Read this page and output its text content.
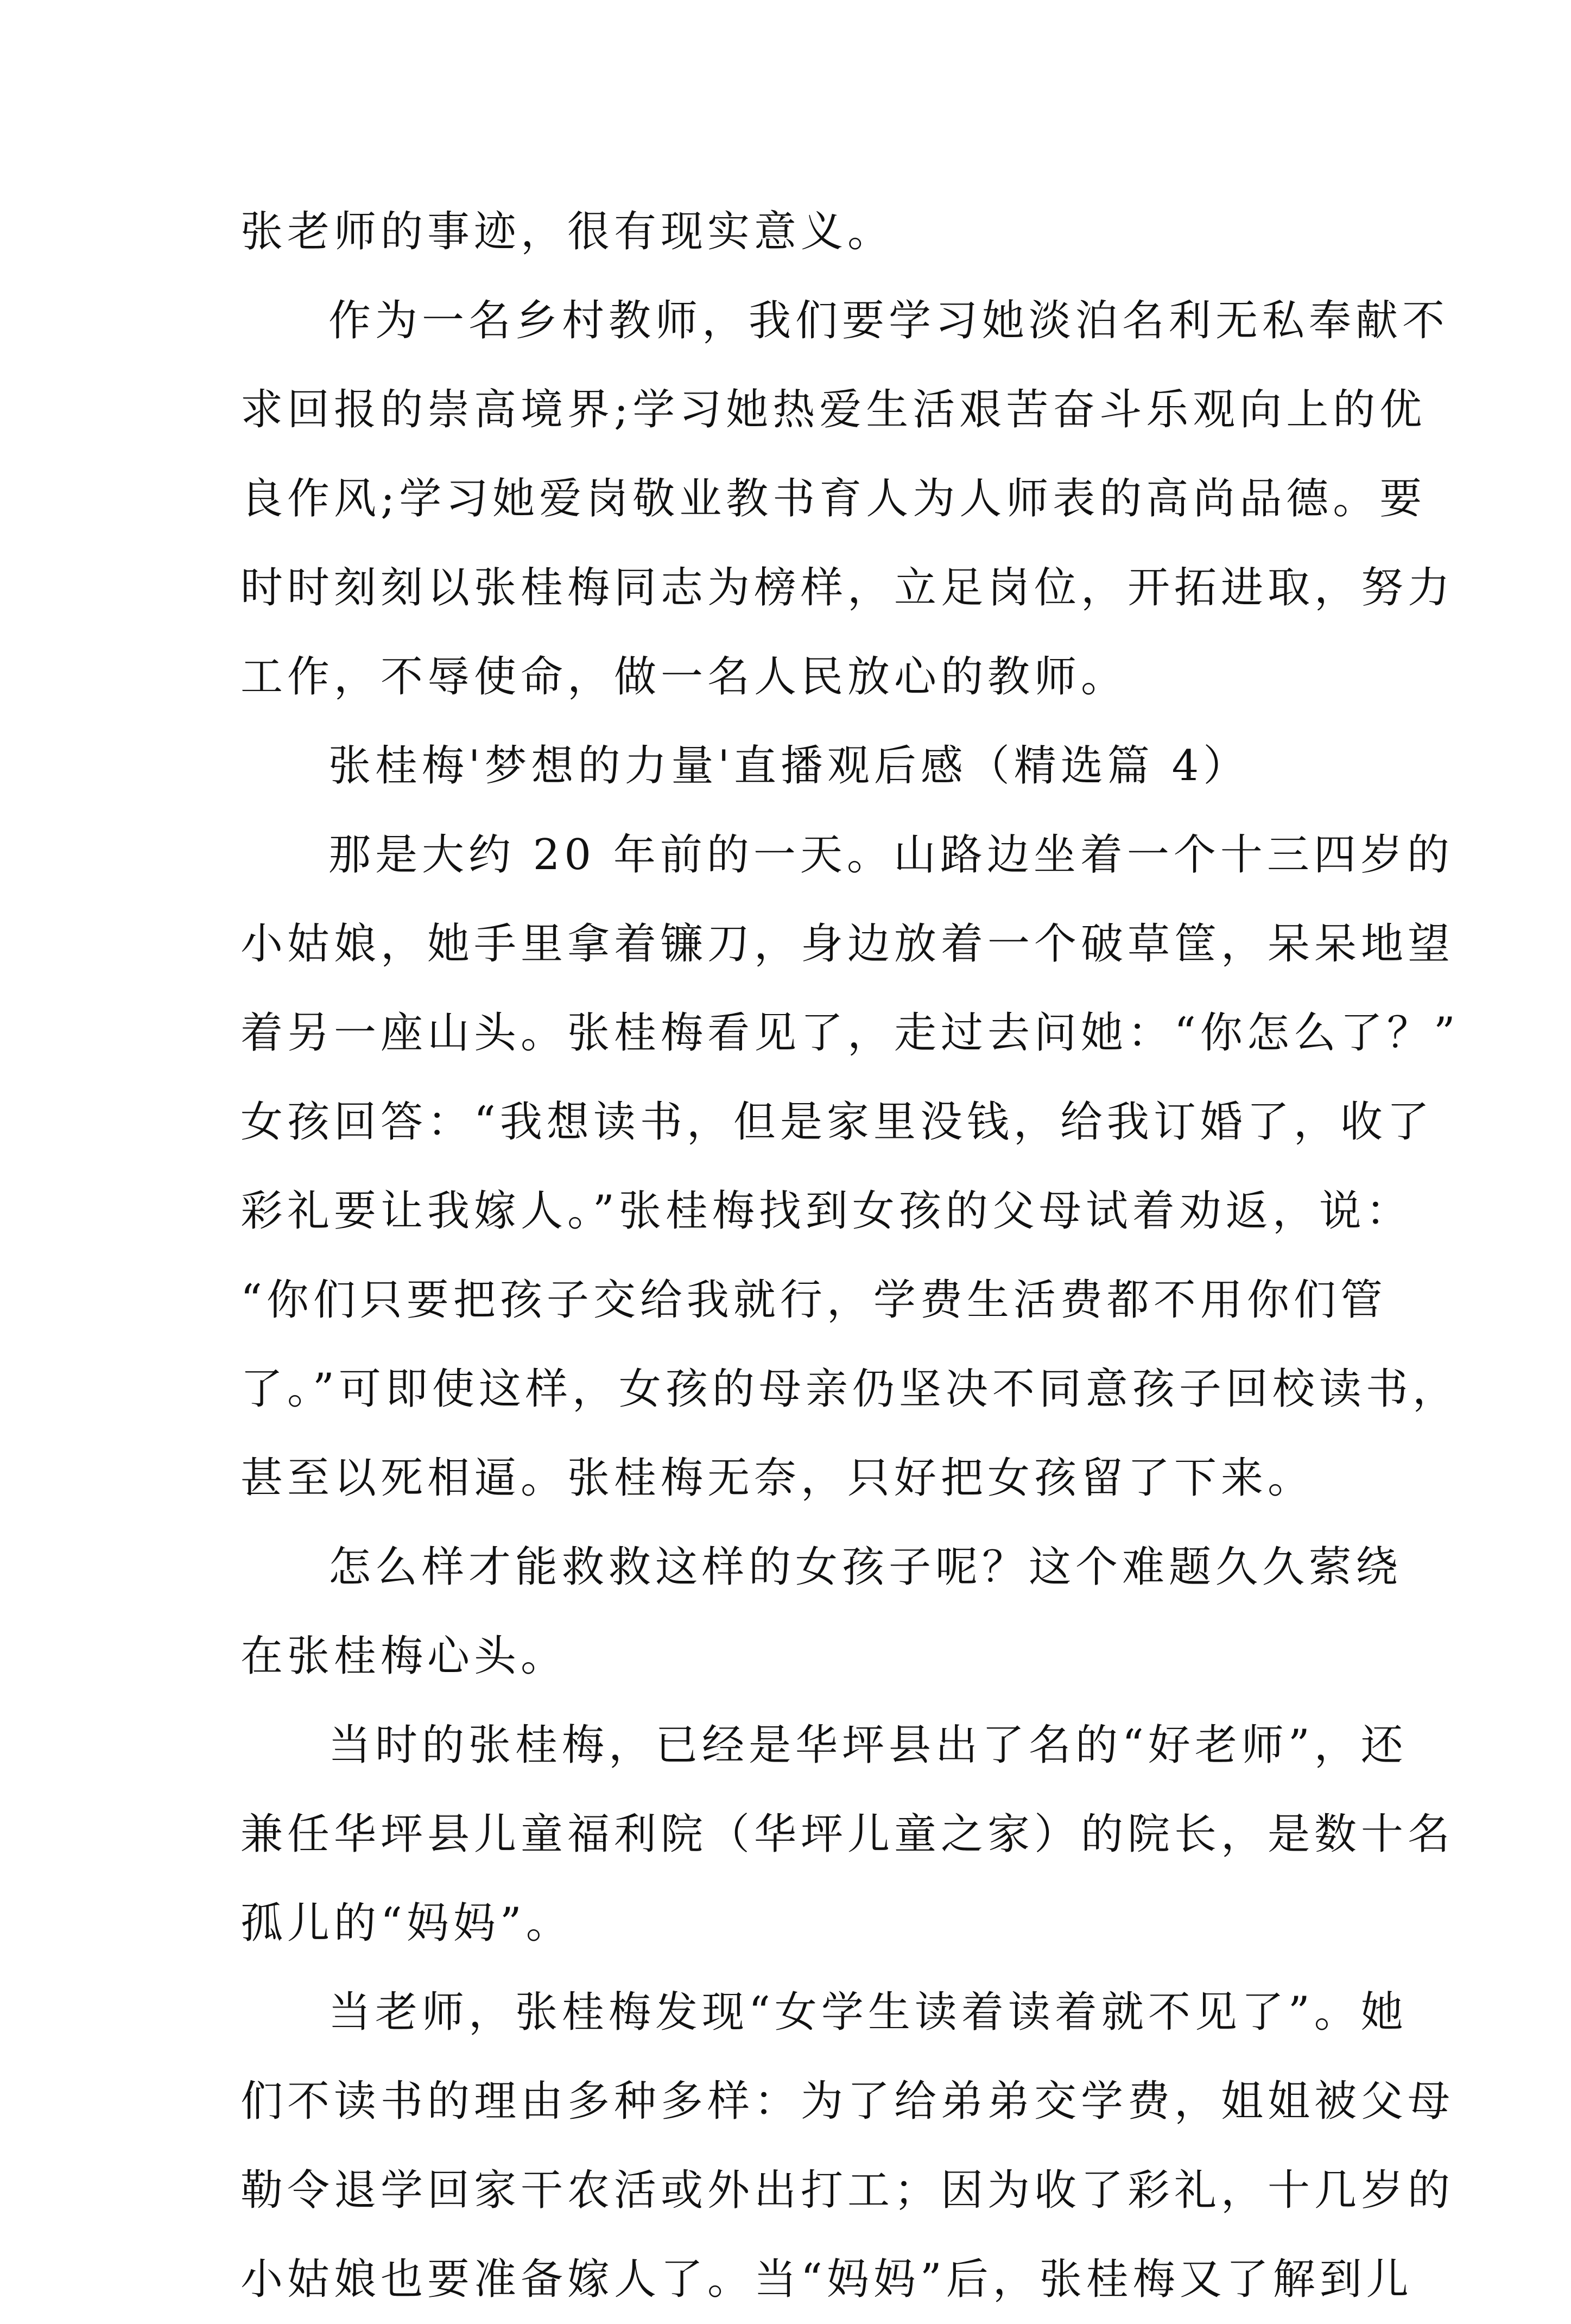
张老师的事迹，很有现实意义。
作为一名乡村教师，我们要学习她淡泊名利无私奉献不
求回报的崇高境界;学习她热爱生活艰苦奋斗乐观向上的优
良作风;学习她爱岗敬业教书育人为人师表的高尚品德。要
时时刻刻以张桂梅同志为榜样，立足岗位，开拓进取，努力
工作，不辱使命，做一名人民放心的教师。
张桂梅'梦想的力量'直播观后感（精选篇 4）
那是大约 20 年前的一天。山路边坐着一个十三四岁的
小姑娘，她手里拿着镰刀，身边放着一个破草筐，呆呆地望
着另一座山头。张桂梅看见了，走过去问她：“你怎么了？”
女孩回答：“我想读书，但是家里没钱，给我订婚了，收了
彩礼要让我嫁人。”张桂梅找到女孩的父母试着劝返，说：
“你们只要把孩子交给我就行，学费生活费都不用你们管
了。”可即使这样，女孩的母亲仍坚决不同意孩子回校读书，
甚至以死相逼。张桂梅无奈，只好把女孩留了下来。
怎么样才能救救这样的女孩子呢？这个难题久久萦绕
在张桂梅心头。
当时的张桂梅，已经是华坪县出了名的“好老师”，还
兼任华坪县儿童福利院（华坪儿童之家）的院长，是数十名
孤儿的“妈妈”。
当老师，张桂梅发现“女学生读着读着就不见了”。她
们不读书的理由多种多样：为了给弟弟交学费，姐姐被父母
勒令退学回家干农活或外出打工；因为收了彩礼，十几岁的
小姑娘也要准备嫁人了。当“妈妈”后，张桂梅又了解到儿
